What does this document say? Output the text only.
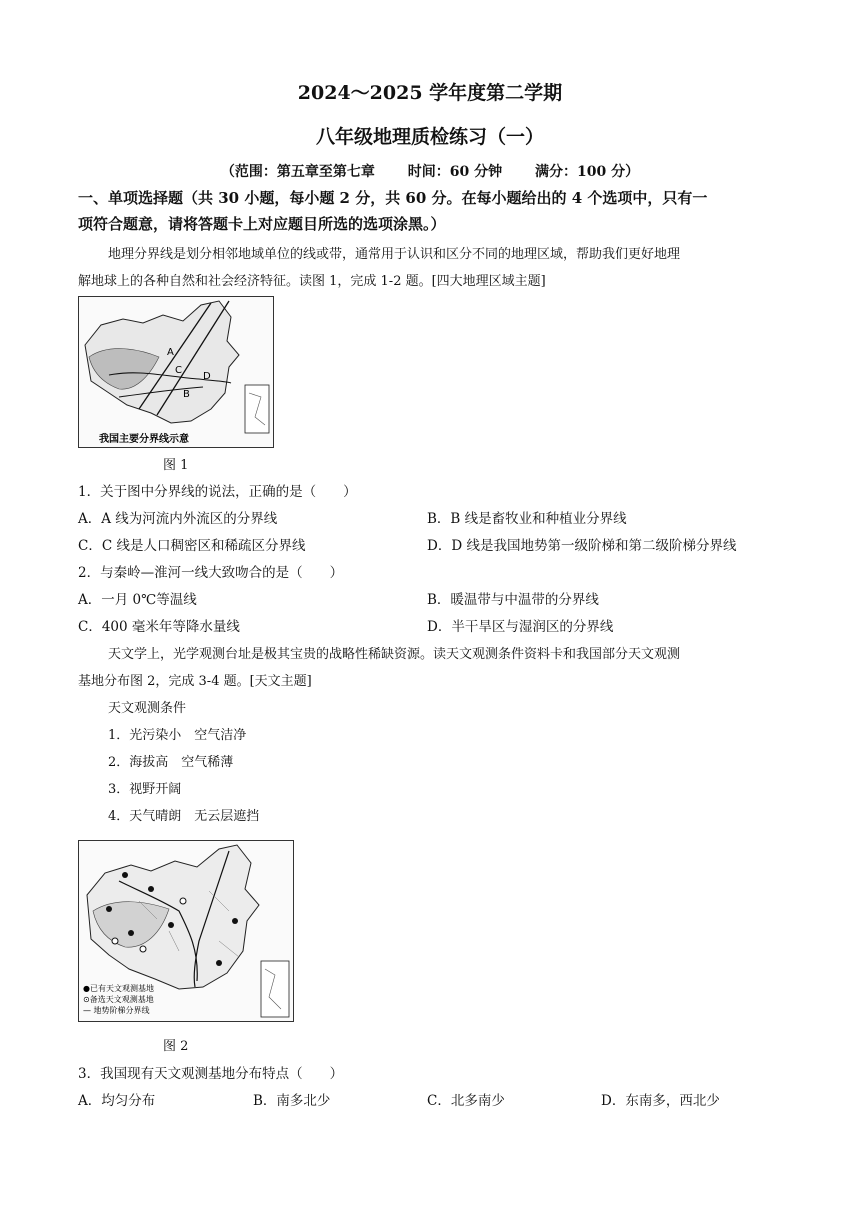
2024～2025 学年度第二学期
八年级地理质检练习（一）
（范围：第五章至第七章 时间：60 分钟 满分：100 分）
一、单项选择题（共 30 小题，每小题 2 分，共 60 分。在每小题给出的 4 个选项中，只有一
项符合题意，请将答题卡上对应题目所选的选项涂黑。）
地理分界线是划分相邻地域单位的线或带，通常用于认识和区分不同的地理区域，帮助我们更好地理
解地球上的各种自然和社会经济特征。读图 1，完成 1-2 题。[四大地理区域主题]
A
B
C
D
我国主要分界线示意
图 1
1．关于图中分界线的说法，正确的是（　　）
A．A 线为河流内外流区的分界线	B．B 线是畜牧业和种植业分界线
C．C 线是人口稠密区和稀疏区分界线	D．D 线是我国地势第一级阶梯和第二级阶梯分界线
2．与秦岭—淮河一线大致吻合的是（　　）
A．一月 0℃等温线	B．暖温带与中温带的分界线
C．400 毫米年等降水量线	D．半干旱区与湿润区的分界线
天文学上，光学观测台址是极其宝贵的战略性稀缺资源。读天文观测条件资料卡和我国部分天文观测
基地分布图 2，完成 3-4 题。[天文主题]
天文观测条件
1．光污染小　空气洁净
2．海拔高　空气稀薄
3．视野开阔
4．天气晴朗　无云层遮挡
●已有天文观测基地
⊙备选天文观测基地
— 地势阶梯分界线
图 2
3．我国现有天文观测基地分布特点（　　）
A．均匀分布	B．南多北少	C．北多南少	D．东南多，西北少
